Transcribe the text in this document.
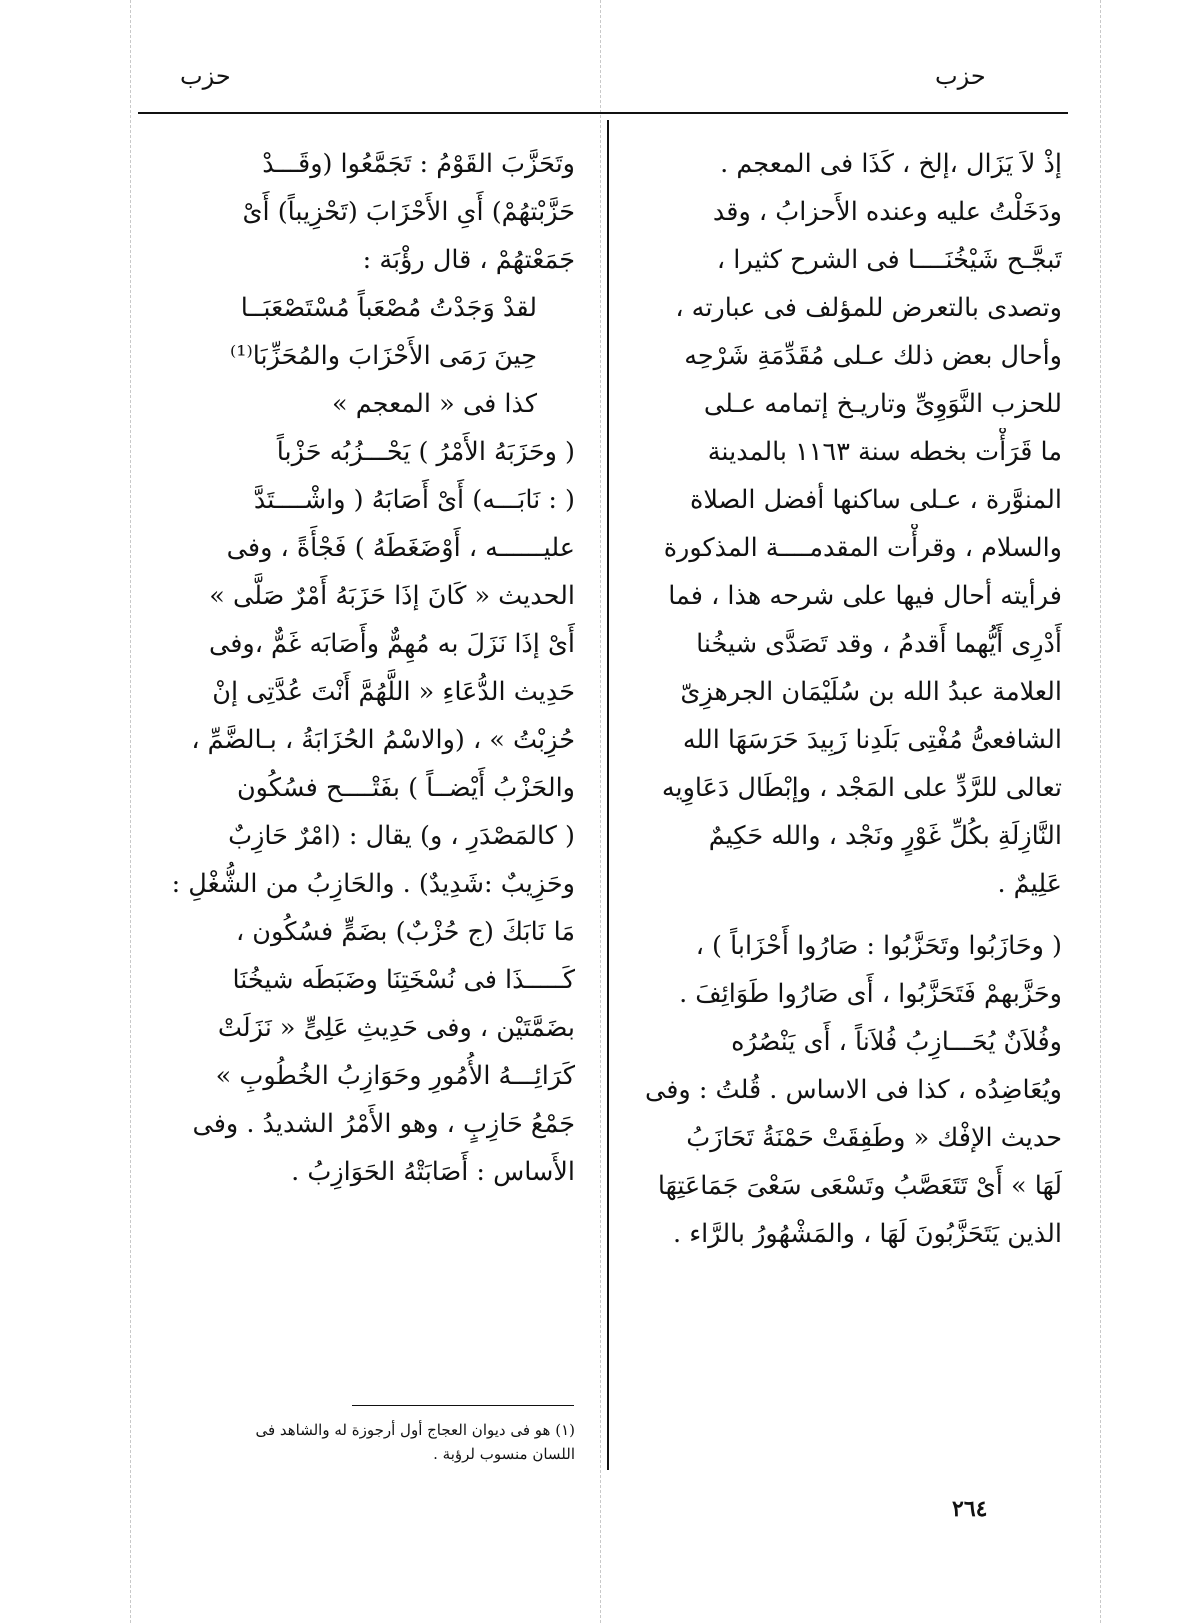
حزب	حزب
إذْ لاَ يَزَال ،إلخ ، كَذَا فى المعجم .
ودَخَلْتُ عليه وعنده الأَحزابُ ، وقد
تَبجَّـح شَيْخُنَــــا فى الشرح كثيرا ،
وتصدى بالتعرض للمؤلف فى عبارته ،
وأحال بعض ذلك عـلى مُقَدِّمَةِ شَرْحِه
للحزب النَّوَوِىِّ وتاريـخ إتمامه عـلى
ما قَرَأْت بخطه سنة ١١٦٣ بالمدينة
المنوَّرة ، عـلى ساكنها أفضل الصلاة
والسلام ، وقرأْت المقدمــــة المذكورة
فرأيته أحال فيها على شرحه هذا ، فما
أَدْرِى أَيُّهما أَقدمُ ، وقد تَصَدَّى شيخُنا
العلامة عبدُ الله بن سُلَيْمَان الجرهزِىّ
الشافعىُّ مُفْتِى بَلَدِنا زَبِيدَ حَرَسَهَا الله
تعالى للرَّدِّ على المَجْد ، وإبْطَال دَعَاوِيه
النَّازِلَةِ بكُلِّ غَوْرٍ ونَجْد ، والله حَكِيمٌ
عَلِيمٌ .
( وحَازَبُوا وتَحَزَّبُوا : صَارُوا أَحْزَاباً ) ،
وحَزَّبهمْ فَتَحَزَّبُوا ، أَى صَارُوا طَوَائِفَ .
وفُلاَنٌ يُحَـــازِبُ فُلاَناً ، أَى يَنْصُرُه
ويُعَاضِدُه ، كذا فى الاساس . قُلتُ : وفى
حديث الإفْك « وطَفِقَتْ حَمْنَةُ تَحَازَبُ
لَهَا » أَىْ تَتَعَصَّبُ وتَسْعَى سَعْىَ جَمَاعَتِهَا
الذين يَتَحَزَّبُونَ لَهَا ، والمَشْهُورُ بالرَّاء .
وتَحَزَّبَ القَوْمُ : تَجَمَّعُوا (وقَـــدْ
حَزَّبْتهُمْ) أَىِ الأَحْزَابَ (تَحْزِيباً) أَىْ
جَمَعْتهُمْ ، قال رؤْبَة :
لقدْ وَجَدْتُ مُصْعَباً مُسْتَصْعَبَــا
حِينَ رَمَى الأَحْزَابَ والمُحَزِّبَا⁽¹⁾
كذا فى « المعجم »
( وحَزَبَهُ الأَمْرُ ) يَحْـــزُبُه حَزْباً
( : نَابَـــه) أَىْ أَصَابَهُ ( واشْــــتَدَّ
عليــــــه ، أَوْضَغَطَهُ ) فَجْأَةً ، وفى
الحديث « كَانَ إذَا حَزَبَهُ أَمْرٌ صَلَّى »
أَىْ إذَا نَزَلَ به مُهِمٌّ وأَصَابَه غَمٌّ ،وفى
حَدِيث الدُّعَاءِ « اللَّهُمَّ أَنْتَ عُدَّتِى إنْ
حُزِبْتُ » ، (والاسْمُ الحُزَابَةُ ، بـالضَّمِّ ،
والحَزْبُ أَيْضــاً ) بفَتْــــح فسُكُون
( كالمَصْدَرِ ، و) يقال : (امْرٌ حَازِبٌ
وحَزِيبٌ :شَدِيدٌ) . والحَازِبُ من الشُّغْلِ :
مَا نَابَكَ (ج حُزْبٌ) بضَمٍّ فسُكُون ،
كَـــــذَا فى نُسْخَتِنَا وضَبَطَه شيخُنَا
بضَمَّتَيْن ، وفى حَدِيثِ عَلِىٍّ « نَزَلَتْ
كَرَائِـــهُ الأُمُورِ وحَوَازِبُ الخُطُوبِ »
جَمْعُ حَازِبٍ ، وهو الأَمْرُ الشديدُ . وفى
الأَساس : أَصَابَتْهُ الحَوَازِبُ .
(١) هو فى ديوان العجاج أول أرجوزة له والشاهد فى
اللسان منسوب لرؤبة .
٢٦٤
